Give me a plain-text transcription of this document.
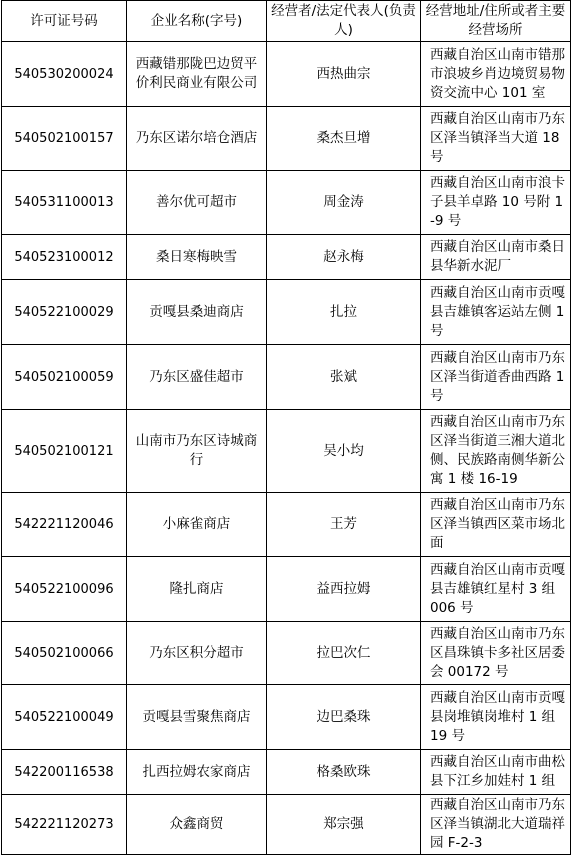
许可证号码	企业名称(字号)	经营者/法定代表人(负责人)	经营地址/住所或者主要经营场所
540530200024	西藏错那陇巴边贸平价利民商业有限公司	西热曲宗	西藏自治区山南市错那市浪坡乡肖边境贸易物资交流中心 101 室
540502100157	乃东区诺尔培仓酒店	桑杰旦增	西藏自治区山南市乃东区泽当镇泽当大道 18 号
540531100013	善尔优可超市	周金涛	西藏自治区山南市浪卡子县羊卓路 10 号附 1-9 号
540523100012	桑日寒梅映雪	赵永梅	西藏自治区山南市桑日县华新水泥厂
540522100029	贡嘎县桑迪商店	扎拉	西藏自治区山南市贡嘎县吉雄镇客运站左侧 1 号
540502100059	乃东区盛佳超市	张斌	西藏自治区山南市乃东区泽当街道香曲西路 1 号
540502100121	山南市乃东区诗城商行	吴小均	西藏自治区山南市乃东区泽当街道三湘大道北侧、民族路南侧华新公寓 1 楼 16-19
542221120046	小麻雀商店	王芳	西藏自治区山南市乃东区泽当镇西区菜市场北面
540522100096	隆扎商店	益西拉姆	西藏自治区山南市贡嘎县吉雄镇红星村 3 组 006 号
540502100066	乃东区积分超市	拉巴次仁	西藏自治区山南市乃东区昌珠镇卡多社区居委会 00172 号
540522100049	贡嘎县雪聚焦商店	边巴桑珠	西藏自治区山南市贡嘎县岗堆镇岗堆村 1 组 19 号
542200116538	扎西拉姆农家商店	格桑欧珠	西藏自治区山南市曲松县下江乡加娃村 1 组
542221120273	众鑫商贸	郑宗强	西藏自治区山南市乃东区泽当镇湖北大道瑞祥园 F-2-3
